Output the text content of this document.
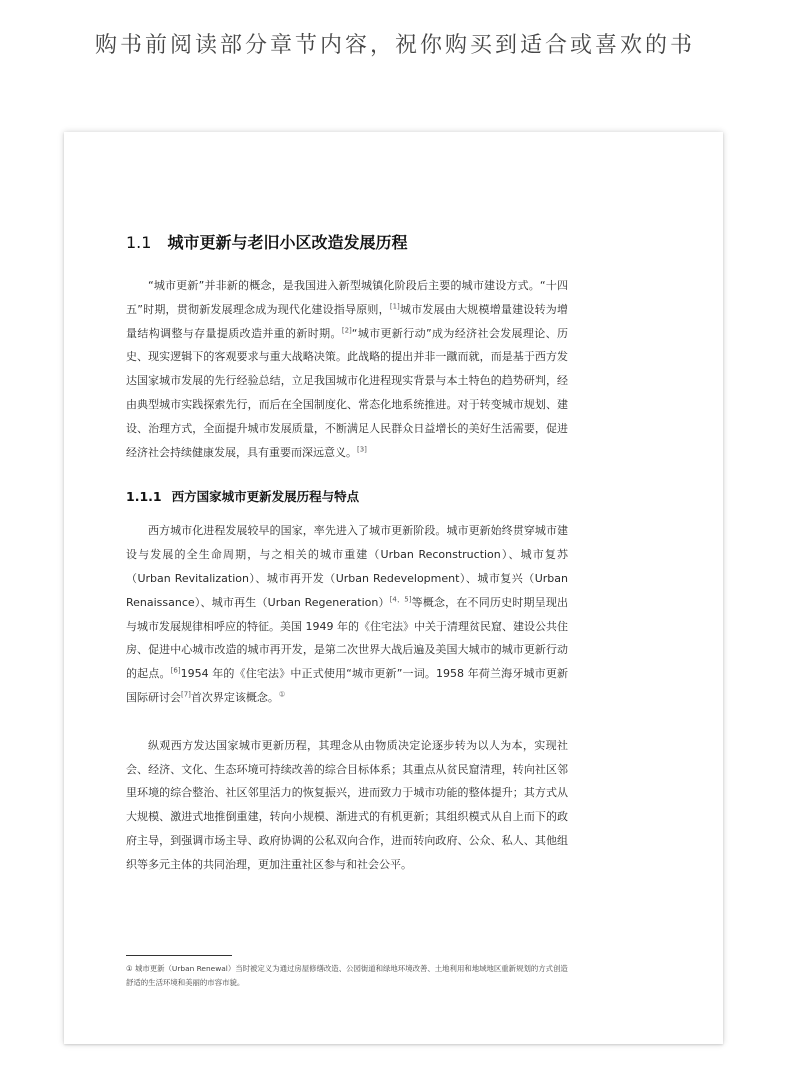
购书前阅读部分章节内容，祝你购买到适合或喜欢的书
1.1 城市更新与老旧小区改造发展历程

“城市更新”并非新的概念，是我国进入新型城镇化阶段后主要的城市建设方式。“十四五”时期，贯彻新发展理念成为现代化建设指导原则，[1]城市发展由大规模增量建设转为增量结构调整与存量提质改造并重的新时期。[2]“城市更新行动”成为经济社会发展理论、历史、现实逻辑下的客观要求与重大战略决策。此战略的提出并非一蹴而就，而是基于西方发达国家城市发展的先行经验总结，立足我国城市化进程现实背景与本土特色的趋势研判，经由典型城市实践探索先行，而后在全国制度化、常态化地系统推进。对于转变城市规划、建设、治理方式，全面提升城市发展质量，不断满足人民群众日益增长的美好生活需要，促进经济社会持续健康发展，具有重要而深远意义。[3]

1.1.1 西方国家城市更新发展历程与特点

西方城市化进程发展较早的国家，率先进入了城市更新阶段。城市更新始终贯穿城市建设与发展的全生命周期，与之相关的城市重建（Urban Reconstruction）、城市复苏（Urban Revitalization）、城市再开发（Urban Redevelopment）、城市复兴（Urban Renaissance）、城市再生（Urban Regeneration）[4，5]等概念，在不同历史时期呈现出与城市发展规律相呼应的特征。美国 1949 年的《住宅法》中关于清理贫民窟、建设公共住房、促进中心城市改造的城市再开发，是第二次世界大战后遍及美国大城市的城市更新行动的起点。[6]1954 年的《住宅法》中正式使用“城市更新”一词。1958 年荷兰海牙城市更新国际研讨会[7]首次界定该概念。①

纵观西方发达国家城市更新历程，其理念从由物质决定论逐步转为以人为本，实现社会、经济、文化、生态环境可持续改善的综合目标体系；其重点从贫民窟清理，转向社区邻里环境的综合整治、社区邻里活力的恢复振兴，进而致力于城市功能的整体提升；其方式从大规模、激进式地推倒重建，转向小规模、渐进式的有机更新；其组织模式从自上而下的政府主导，到强调市场主导、政府协调的公私双向合作，进而转向政府、公众、私人、其他组织等多元主体的共同治理，更加注重社区参与和社会公平。

① 城市更新（Urban Renewal）当时被定义为通过房屋修缮改造、公园街道和绿地环境改善、土地利用和地域地区重新规划的方式创造舒适的生活环境和美丽的市容市貌。
